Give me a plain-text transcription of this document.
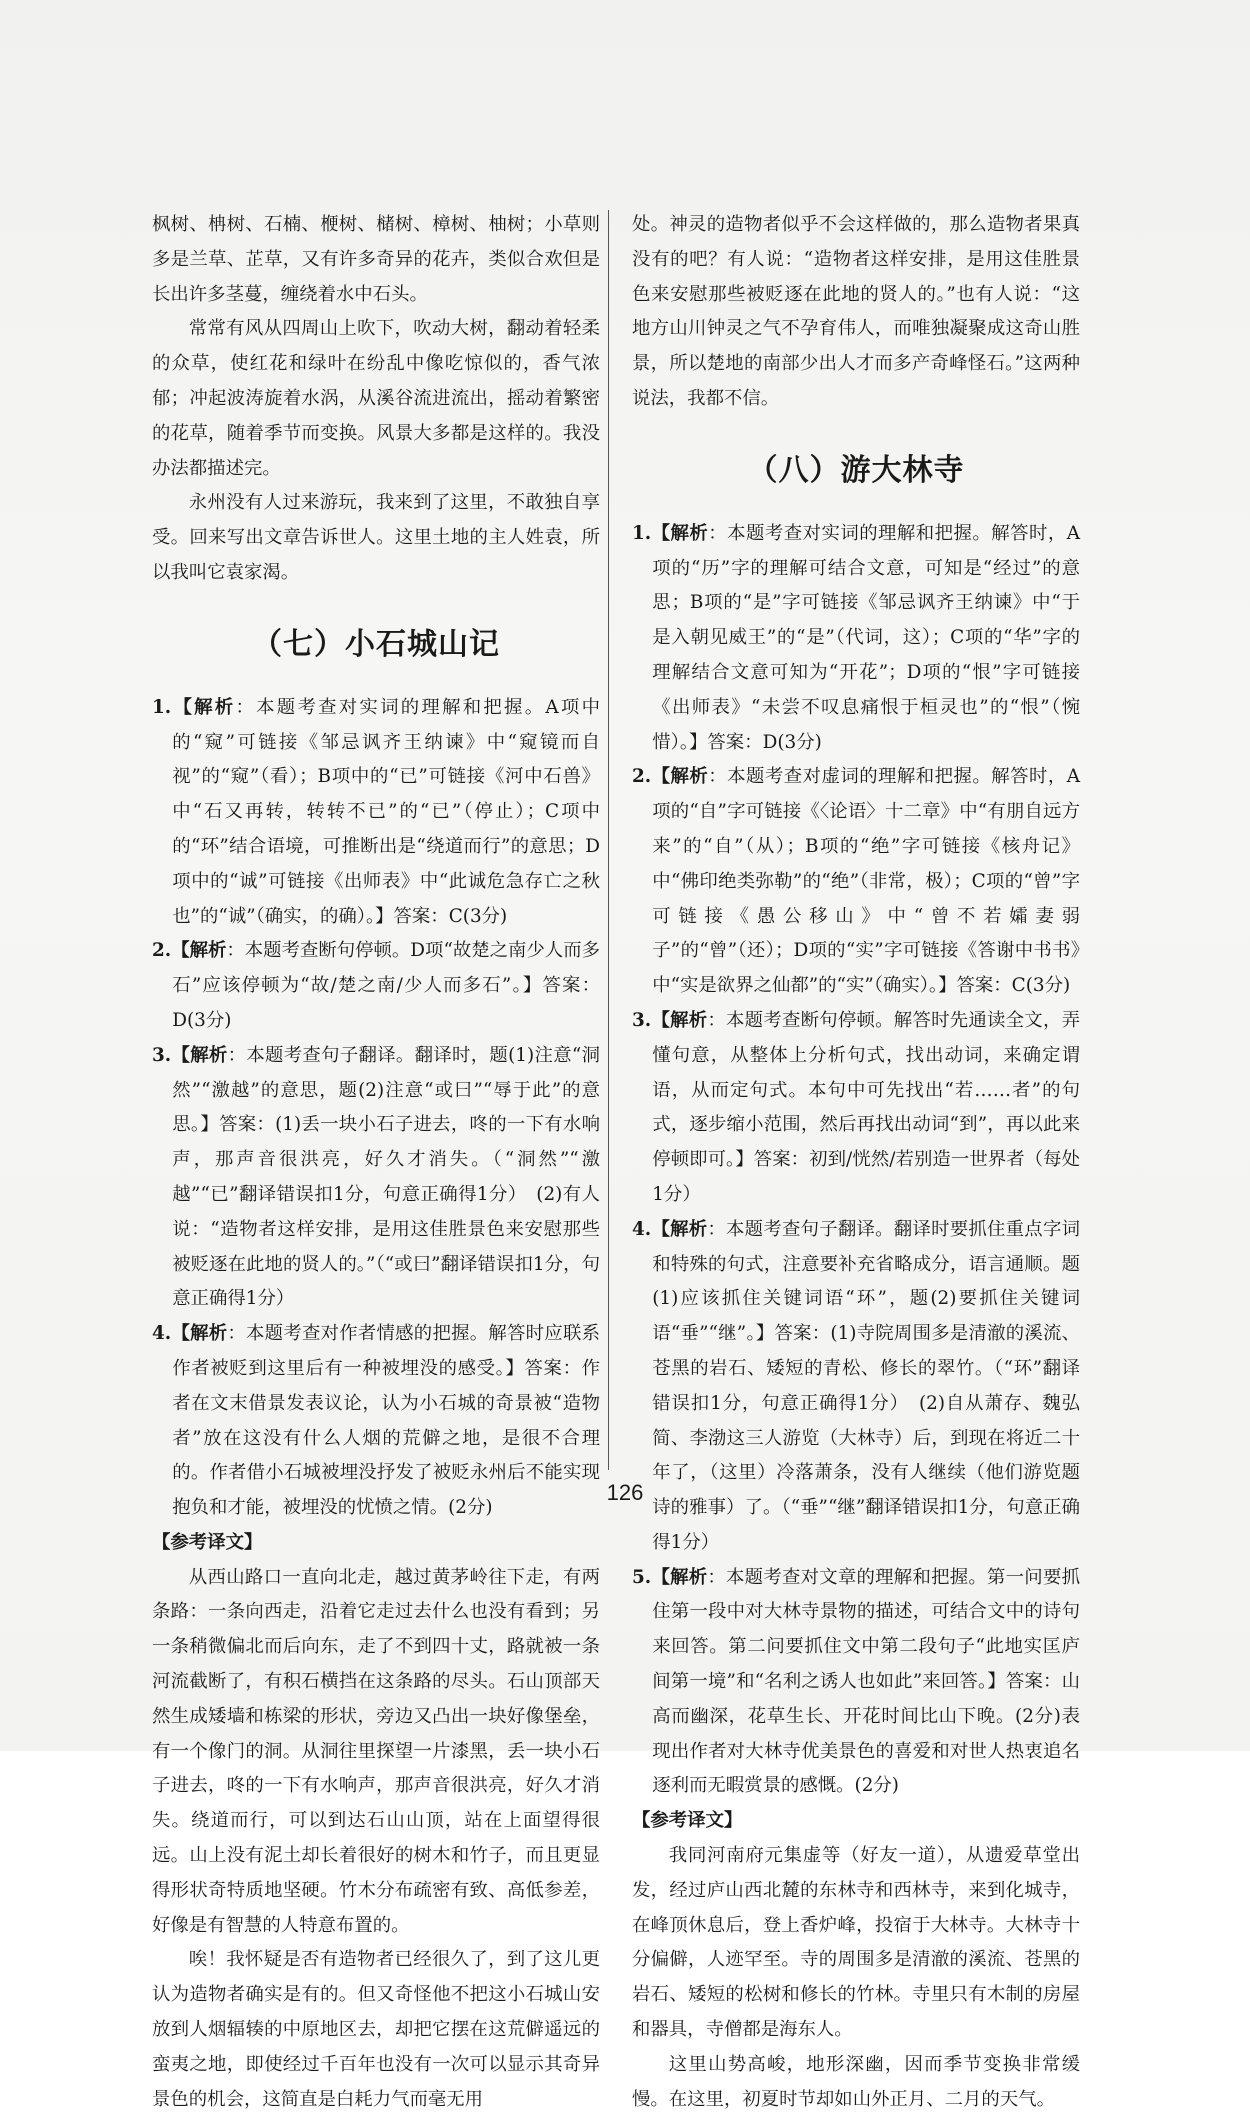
枫树、柟树、石楠、楩树、槠树、樟树、柚树；小草则多是兰草、芷草，又有许多奇异的花卉，类似合欢但是长出许多茎蔓，缠绕着水中石头。

常常有风从四周山上吹下，吹动大树，翻动着轻柔的众草，使红花和绿叶在纷乱中像吃惊似的，香气浓郁；冲起波涛旋着水涡，从溪谷流进流出，摇动着繁密的花草，随着季节而变换。风景大多都是这样的。我没办法都描述完。

永州没有人过来游玩，我来到了这里，不敢独自享受。回来写出文章告诉世人。这里土地的主人姓袁，所以我叫它袁家渴。

（七）小石城山记

1.【解析：本题考查对实词的理解和把握。A项中的“窥”可链接《邹忌讽齐王纳谏》中“窥镜而自视”的“窥”（看）；B项中的“已”可链接《河中石兽》中“石又再转，转转不已”的“已”（停止）；C项中的“环”结合语境，可推断出是“绕道而行”的意思；D项中的“诚”可链接《出师表》中“此诚危急存亡之秋也”的“诚”（确实，的确）。】答案：C(3分)

2.【解析：本题考查断句停顿。D项“故楚之南少人而多石”应该停顿为“故/楚之南/少人而多石”。】答案：D(3分)

3.【解析：本题考查句子翻译。翻译时，题(1)注意“洞然”“激越”的意思，题(2)注意“或曰”“辱于此”的意思。】答案：(1)丢一块小石子进去，咚的一下有水响声，那声音很洪亮，好久才消失。（“洞然”“激越”“已”翻译错误扣1分，句意正确得1分）　(2)有人说：“造物者这样安排，是用这佳胜景色来安慰那些被贬逐在此地的贤人的。”（“或曰”翻译错误扣1分，句意正确得1分）

4.【解析：本题考查对作者情感的把握。解答时应联系作者被贬到这里后有一种被埋没的感受。】答案：作者在文末借景发表议论，认为小石城的奇景被“造物者”放在这没有什么人烟的荒僻之地，是很不合理的。作者借小石城被埋没抒发了被贬永州后不能实现抱负和才能，被埋没的忧愤之情。(2分)

【参考译文】

从西山路口一直向北走，越过黄茅岭往下走，有两条路：一条向西走，沿着它走过去什么也没有看到；另一条稍微偏北而后向东，走了不到四十丈，路就被一条河流截断了，有积石横挡在这条路的尽头。石山顶部天然生成矮墙和栋梁的形状，旁边又凸出一块好像堡垒，有一个像门的洞。从洞往里探望一片漆黑，丢一块小石子进去，咚的一下有水响声，那声音很洪亮，好久才消失。绕道而行，可以到达石山山顶，站在上面望得很远。山上没有泥土却长着很好的树木和竹子，而且更显得形状奇特质地坚硬。竹木分布疏密有致、高低参差，好像是有智慧的人特意布置的。

唉！我怀疑是否有造物者已经很久了，到了这儿更认为造物者确实是有的。但又奇怪他不把这小石城山安放到人烟辐辏的中原地区去，却把它摆在这荒僻遥远的蛮夷之地，即使经过千百年也没有一次可以显示其奇异景色的机会，这简直是白耗力气而毫无用

处。神灵的造物者似乎不会这样做的，那么造物者果真没有的吧？有人说：“造物者这样安排，是用这佳胜景色来安慰那些被贬逐在此地的贤人的。”也有人说：“这地方山川钟灵之气不孕育伟人，而唯独凝聚成这奇山胜景，所以楚地的南部少出人才而多产奇峰怪石。”这两种说法，我都不信。

（八）游大林寺

1.【解析：本题考查对实词的理解和把握。解答时，A项的“历”字的理解可结合文意，可知是“经过”的意思；B项的“是”字可链接《邹忌讽齐王纳谏》中“于是入朝见威王”的“是”（代词，这）；C项的“华”字的理解结合文意可知为“开花”；D项的“恨”字可链接《出师表》“未尝不叹息痛恨于桓灵也”的“恨”（惋惜）。】答案：D(3分)

2.【解析：本题考查对虚词的理解和把握。解答时，A项的“自”字可链接《〈论语〉十二章》中“有朋自远方来”的“自”（从）；B项的“绝”字可链接《核舟记》中“佛印绝类弥勒”的“绝”（非常，极）；C项的“曾”字可链接《愚公移山》中“曾不若孀妻弱子”的“曾”（还）；D项的“实”字可链接《答谢中书书》中“实是欲界之仙都”的“实”（确实）。】答案：C(3分)

3.【解析：本题考查断句停顿。解答时先通读全文，弄懂句意，从整体上分析句式，找出动词，来确定谓语，从而定句式。本句中可先找出“若……者”的句式，逐步缩小范围，然后再找出动词“到”，再以此来停顿即可。】答案：初到/恍然/若别造一世界者（每处1分）

4.【解析：本题考查句子翻译。翻译时要抓住重点字词和特殊的句式，注意要补充省略成分，语言通顺。题(1)应该抓住关键词语“环”，题(2)要抓住关键词语“垂”“继”。】答案：(1)寺院周围多是清澈的溪流、苍黑的岩石、矮短的青松、修长的翠竹。（“环”翻译错误扣1分，句意正确得1分）　(2)自从萧存、魏弘简、李渤这三人游览（大林寺）后，到现在将近二十年了，（这里）冷落萧条，没有人继续（他们游览题诗的雅事）了。（“垂”“继”翻译错误扣1分，句意正确得1分）

5.【解析：本题考查对文章的理解和把握。第一问要抓住第一段中对大林寺景物的描述，可结合文中的诗句来回答。第二问要抓住文中第二段句子“此地实匡庐间第一境”和“名利之诱人也如此”来回答。】答案：山高而幽深，花草生长、开花时间比山下晚。(2分)表现出作者对大林寺优美景色的喜爱和对世人热衷追名逐利而无暇赏景的感慨。(2分)

【参考译文】

我同河南府元集虚等（好友一道），从遗爱草堂出发，经过庐山西北麓的东林寺和西林寺，来到化城寺，在峰顶休息后，登上香炉峰，投宿于大林寺。大林寺十分偏僻，人迹罕至。寺的周围多是清澈的溪流、苍黑的岩石、矮短的松树和修长的竹林。寺里只有木制的房屋和器具，寺僧都是海东人。

这里山势高峻，地形深幽，因而季节变换非常缓慢。在这里，初夏时节却如山外正月、二月的天气。

126
